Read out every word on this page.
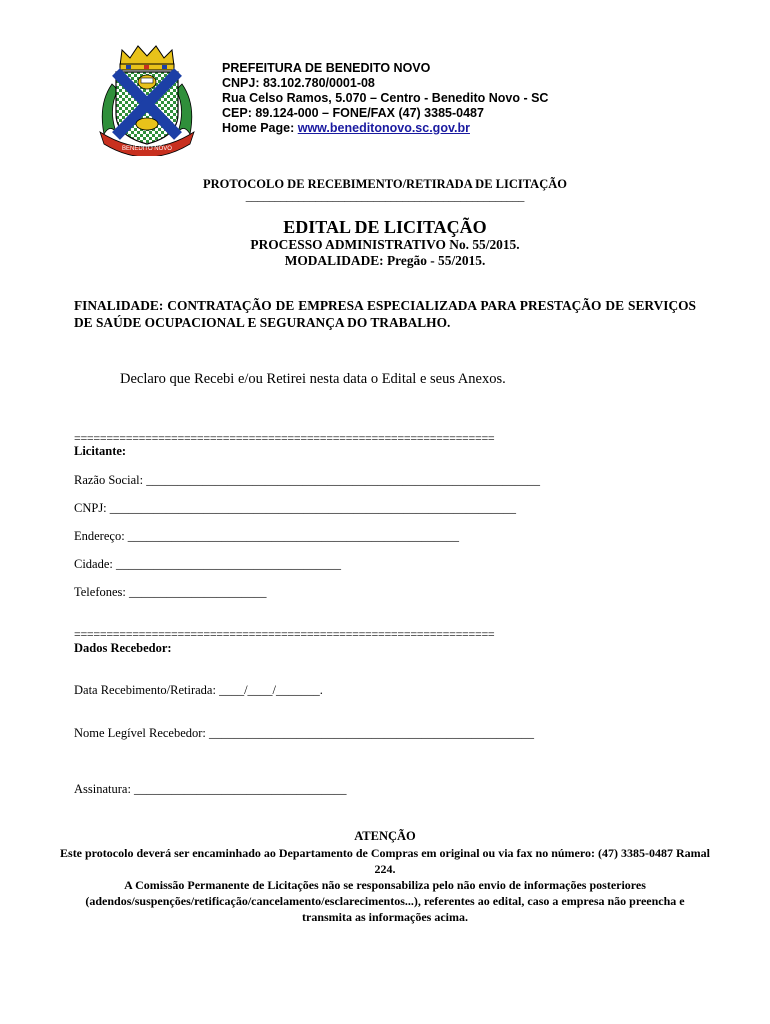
BENEDITO NOVO
PREFEITURA DE BENEDITO NOVO
CNPJ: 83.102.780/0001-08
Rua Celso Ramos, 5.070 – Centro - Benedito Novo - SC
CEP: 89.124-000 – FONE/FAX (47) 3385-0487
Home Page: www.beneditonovo.sc.gov.br
PROTOCOLO DE RECEBIMENTO/RETIRADA DE LICITAÇÃO
________________________________________________
EDITAL DE LICITAÇÃO
PROCESSO ADMINISTRATIVO No. 55/2015.
MODALIDADE: Pregão - 55/2015.
FINALIDADE: CONTRATAÇÃO DE EMPRESA ESPECIALIZADA PARA PRESTAÇÃO DE SERVIÇOS DE SAÚDE OCUPACIONAL E SEGURANÇA DO TRABALHO.
Declaro que Recebi e/ou Retirei nesta data o Edital e seus Anexos.
=================================================================
Licitante:
Razão Social: _______________________________________________________________
CNPJ: _________________________________________________________________
Endereço: _____________________________________________________
Cidade: ____________________________________
Telefones: ______________________
=================================================================
Dados Recebedor:
Data Recebimento/Retirada: ____/____/_______.
Nome Legível Recebedor: ____________________________________________________
Assinatura: __________________________________
ATENÇÃO
Este protocolo deverá ser encaminhado ao Departamento de Compras em original ou via fax no número: (47) 3385-0487 Ramal 224.
A Comissão Permanente de Licitações não se responsabiliza pelo não envio de informações posteriores (adendos/suspenções/retificação/cancelamento/esclarecimentos...), referentes ao edital, caso a empresa não preencha e transmita as informações acima.
